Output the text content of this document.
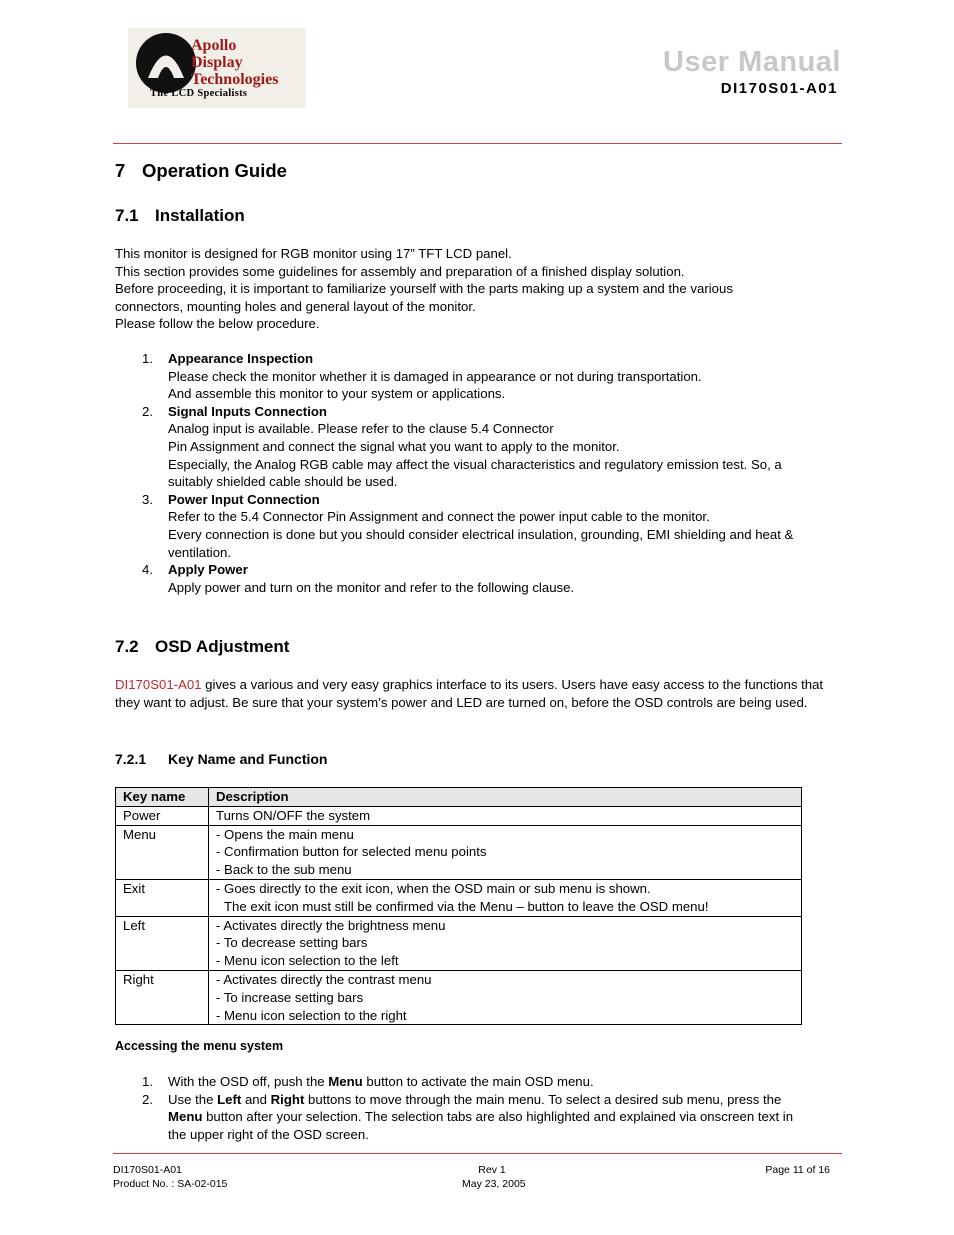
Apollo
Display
Technologies
The LCD Specialists
User Manual
DI170S01-A01
7 Operation Guide
7.1 Installation
This monitor is designed for RGB monitor using 17” TFT LCD panel.
This section provides some guidelines for assembly and preparation of a finished display solution.
Before proceeding, it is important to familiarize yourself with the parts making up a system and the various
connectors, mounting holes and general layout of the monitor.
Please follow the below procedure.
1. Appearance Inspection
Please check the monitor whether it is damaged in appearance or not during transportation.
And assemble this monitor to your system or applications.
2. Signal Inputs Connection
Analog input is available. Please refer to the clause 5.4 Connector
Pin Assignment and connect the signal what you want to apply to the monitor.
Especially, the Analog RGB cable may affect the visual characteristics and regulatory emission test. So, a
suitably shielded cable should be used.
3. Power Input Connection
Refer to the 5.4 Connector Pin Assignment and connect the power input cable to the monitor.
Every connection is done but you should consider electrical insulation, grounding, EMI shielding and heat &
ventilation.
4. Apply Power
Apply power and turn on the monitor and refer to the following clause.
7.2 OSD Adjustment
DI170S01-A01 gives a various and very easy graphics interface to its users. Users have easy access to the functions that
they want to adjust. Be sure that your system’s power and LED are turned on, before the OSD controls are being used.
7.2.1 Key Name and Function
Key name	Description
Power	Turns ON/OFF the system

Menu	- Opens the main menu
- Confirmation button for selected menu points
- Back to the sub menu

Exit	- Goes directly to the exit icon, when the OSD main or sub menu is shown.
The exit icon must still be confirmed via the Menu – button to leave the OSD menu!

Left	- Activates directly the brightness menu
- To decrease setting bars
- Menu icon selection to the left

Right	- Activates directly the contrast menu
- To increase setting bars
- Menu icon selection to the right
Accessing the menu system
1. With the OSD off, push the Menu button to activate the main OSD menu.
2. Use the Left and Right buttons to move through the main menu. To select a desired sub menu, press the
Menu button after your selection. The selection tabs are also highlighted and explained via onscreen text in
the upper right of the OSD screen.
DI170S01-A01
Product No. : SA-02-015
Rev 1
May 23, 2005
Page 11 of 16
